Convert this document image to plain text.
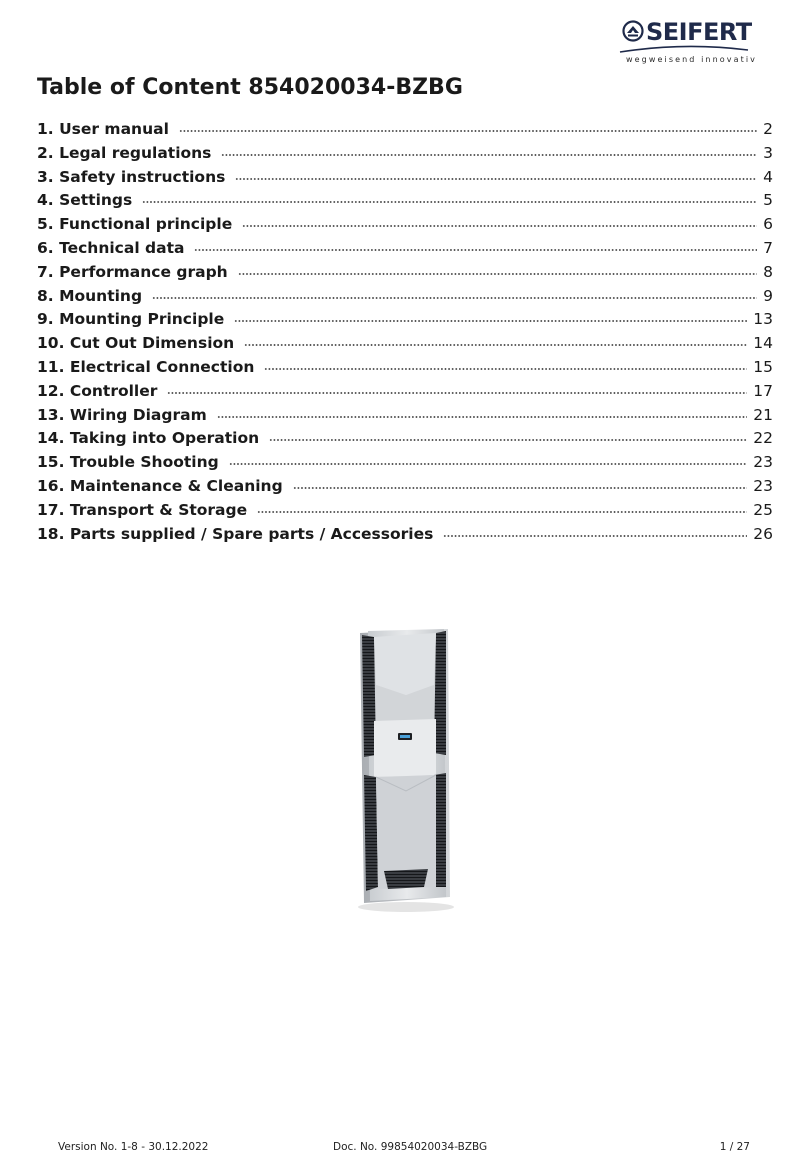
SEIFERT
wegweisend innovativ
Table of Content 854020034-BZBG
1. User manual	2
2. Legal regulations	3
3. Safety instructions	4
4. Settings	5
5. Functional principle	6
6. Technical data	7
7. Performance graph	8
8. Mounting	9
9. Mounting Principle	13
10. Cut Out Dimension	14
11. Electrical Connection	15
12. Controller	17
13. Wiring Diagram	21
14. Taking into Operation	22
15. Trouble Shooting	23
16. Maintenance & Cleaning	23
17. Transport & Storage	25
18. Parts supplied / Spare parts / Accessories	26
Version No. 1-8 - 30.12.2022	Doc. No. 99854020034-BZBG	1 / 27
